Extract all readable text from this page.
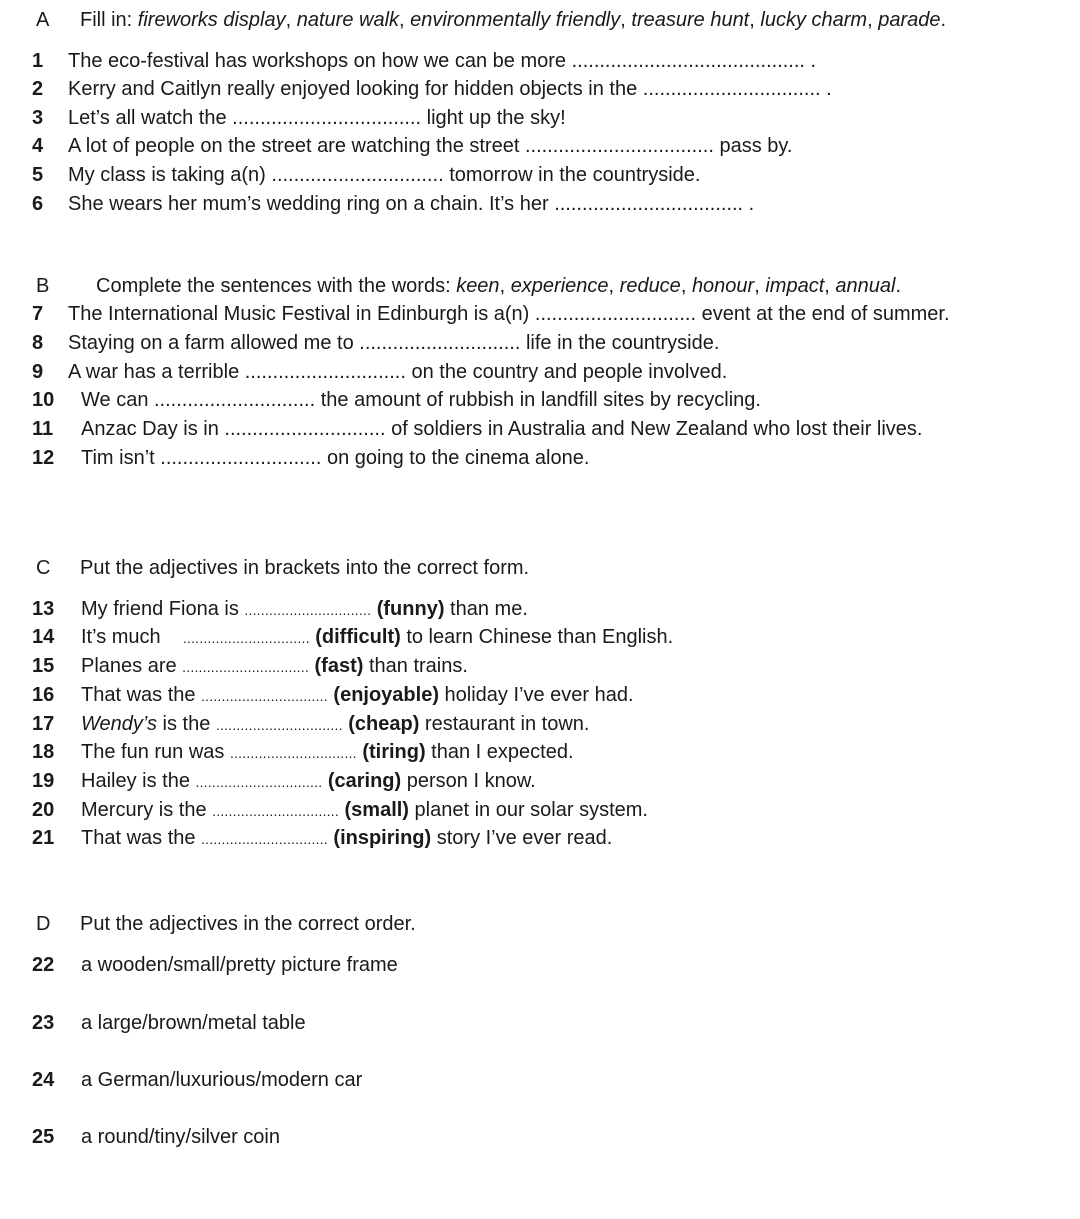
A Fill in: fireworks display, nature walk, environmentally friendly, treasure hunt, lucky charm, parade.
1 The eco-festival has workshops on how we can be more .......................................... .
2 Kerry and Caitlyn really enjoyed looking for hidden objects in the ................................ .
3 Let’s all watch the .................................. light up the sky!
4 A lot of people on the street are watching the street .................................. pass by.
5 My class is taking a(n) ............................... tomorrow in the countryside.
6 She wears her mum’s wedding ring on a chain. It’s her .................................. .
B Complete the sentences with the words: keen, experience, reduce, honour, impact, annual.
7 The International Music Festival in Edinburgh is a(n) ............................. event at the end of summer.
8 Staying on a farm allowed me to ............................. life in the countryside.
9 A war has a terrible ............................. on the country and people involved.
10 We can ............................. the amount of rubbish in landfill sites by recycling.
11 Anzac Day is in ............................. of soldiers in Australia and New Zealand who lost their lives.
12 Tim isn’t ............................. on going to the cinema alone.
C Put the adjectives in brackets into the correct form.
13 My friend Fiona is ............................... (funny) than me.
14 It’s much    ............................... (difficult) to learn Chinese than English.
15 Planes are ............................... (fast) than trains.
16 That was the ............................... (enjoyable) holiday I’ve ever had.
17 Wendy’s is the ............................... (cheap) restaurant in town.
18 The fun run was ............................... (tiring) than I expected.
19 Hailey is the ............................... (caring) person I know.
20 Mercury is the ............................... (small) planet in our solar system.
21 That was the ............................... (inspiring) story I’ve ever read.
D Put the adjectives in the correct order.
22 a wooden/small/pretty picture frame
23 a large/brown/metal table
24 a German/luxurious/modern car
25 a round/tiny/silver coin
